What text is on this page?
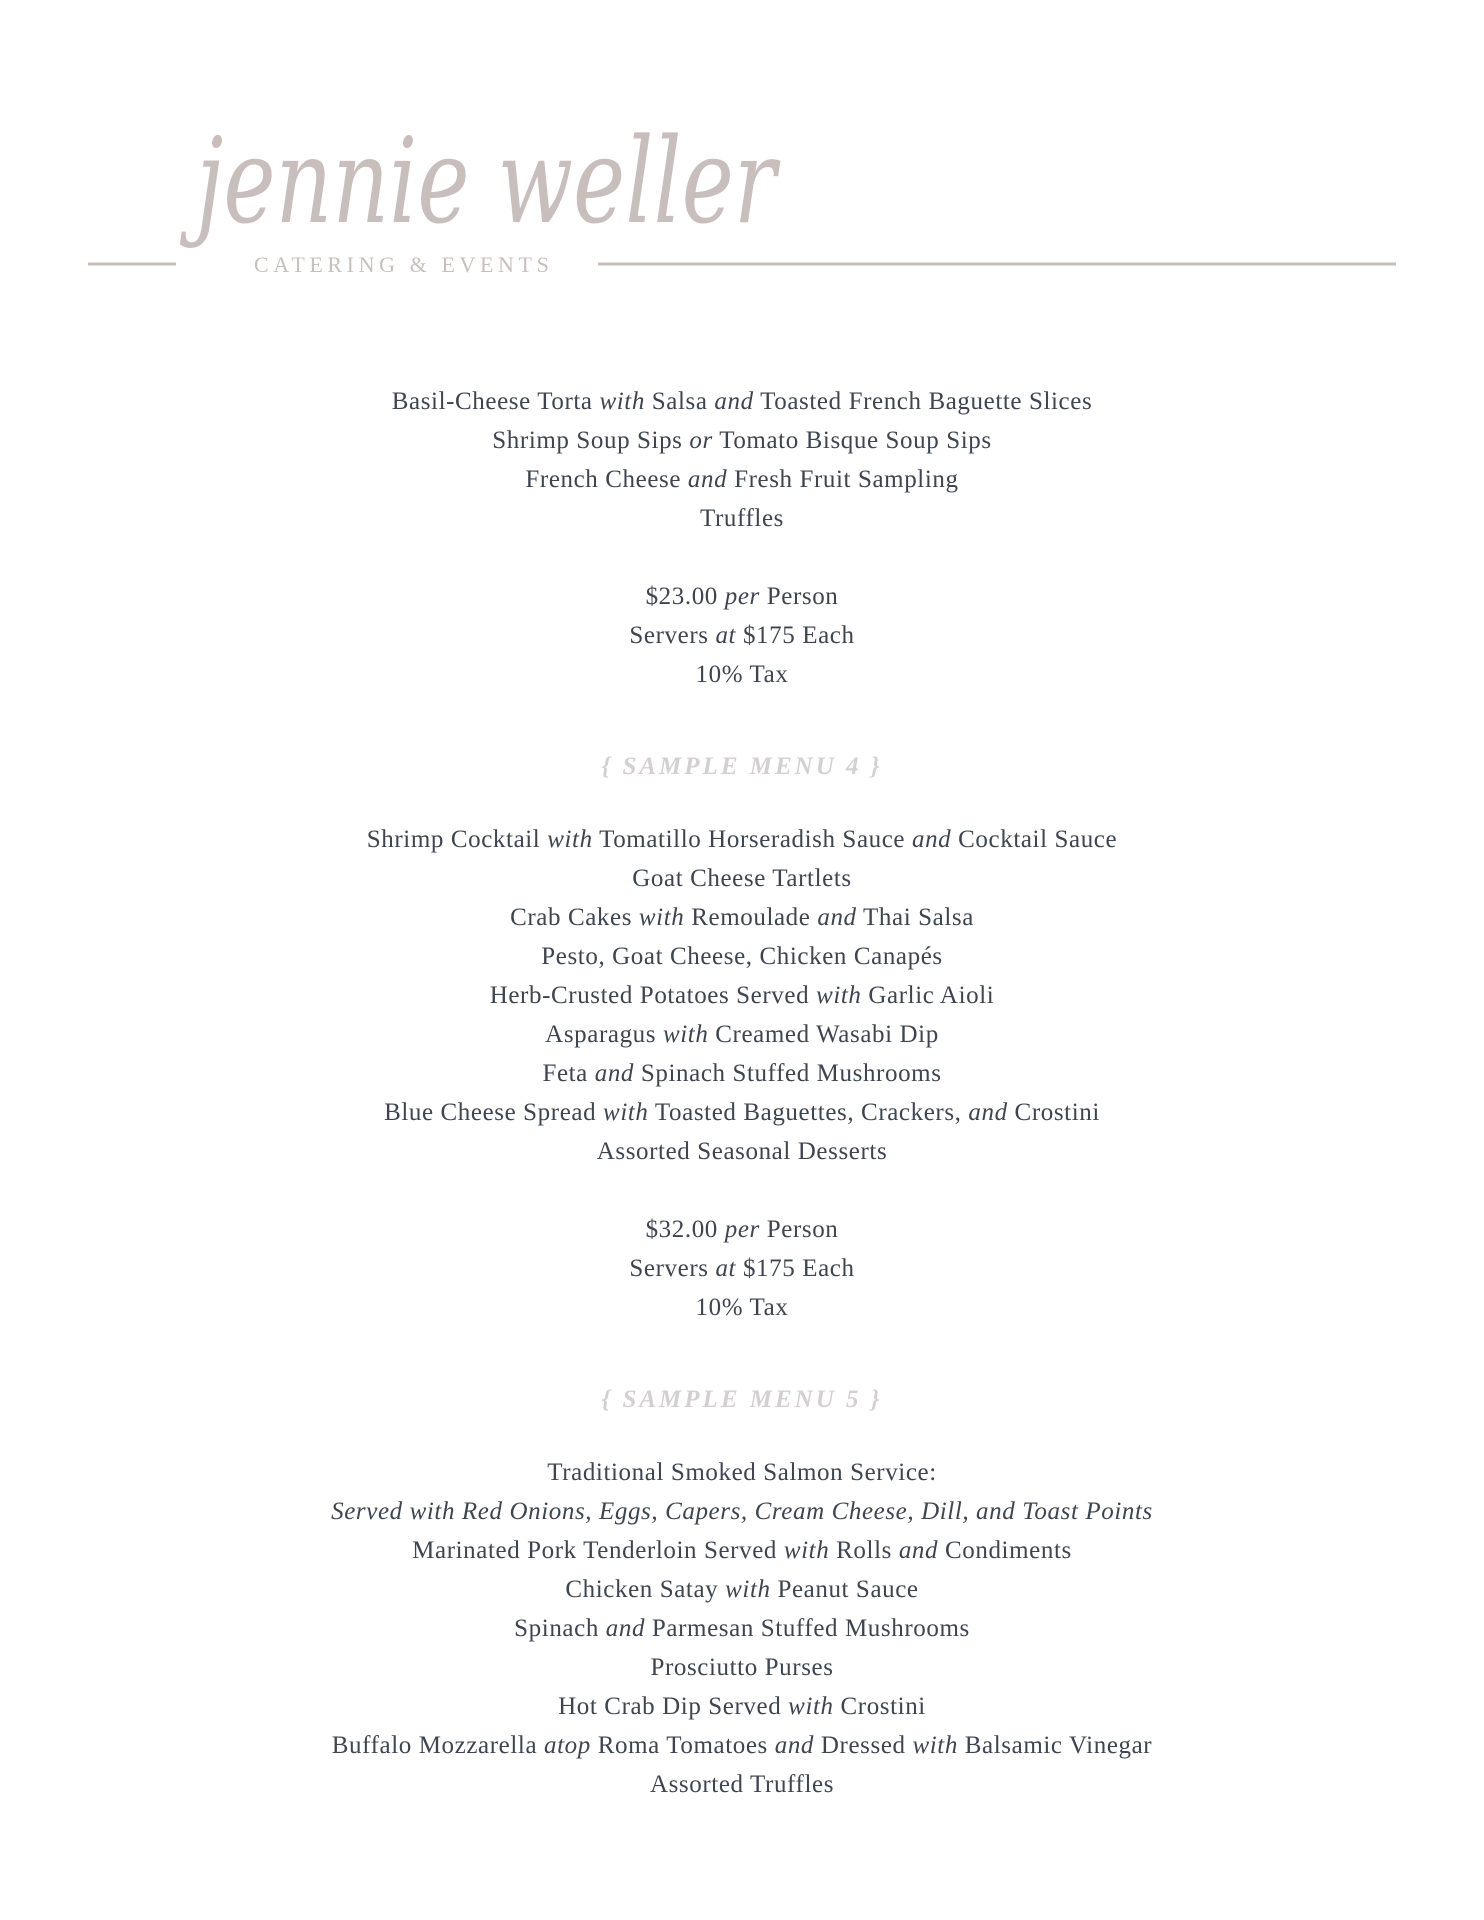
jennie weller
CATERING & EVENTS
Basil-Cheese Torta with Salsa and Toasted French Baguette Slices
Shrimp Soup Sips or Tomato Bisque Soup Sips
French Cheese and Fresh Fruit Sampling
Truffles
$23.00 per Person
Servers at $175 Each
10% Tax
{ SAMPLE MENU 4 }
Shrimp Cocktail with Tomatillo Horseradish Sauce and Cocktail Sauce
Goat Cheese Tartlets
Crab Cakes with Remoulade and Thai Salsa
Pesto, Goat Cheese, Chicken Canapés
Herb-Crusted Potatoes Served with Garlic Aioli
Asparagus with Creamed Wasabi Dip
Feta and Spinach Stuffed Mushrooms
Blue Cheese Spread with Toasted Baguettes, Crackers, and Crostini
Assorted Seasonal Desserts
$32.00 per Person
Servers at $175 Each
10% Tax
{ SAMPLE MENU 5 }
Traditional Smoked Salmon Service:
Served with Red Onions, Eggs, Capers, Cream Cheese, Dill, and Toast Points
Marinated Pork Tenderloin Served with Rolls and Condiments
Chicken Satay with Peanut Sauce
Spinach and Parmesan Stuffed Mushrooms
Prosciutto Purses
Hot Crab Dip Served with Crostini
Buffalo Mozzarella atop Roma Tomatoes and Dressed with Balsamic Vinegar
Assorted Truffles
